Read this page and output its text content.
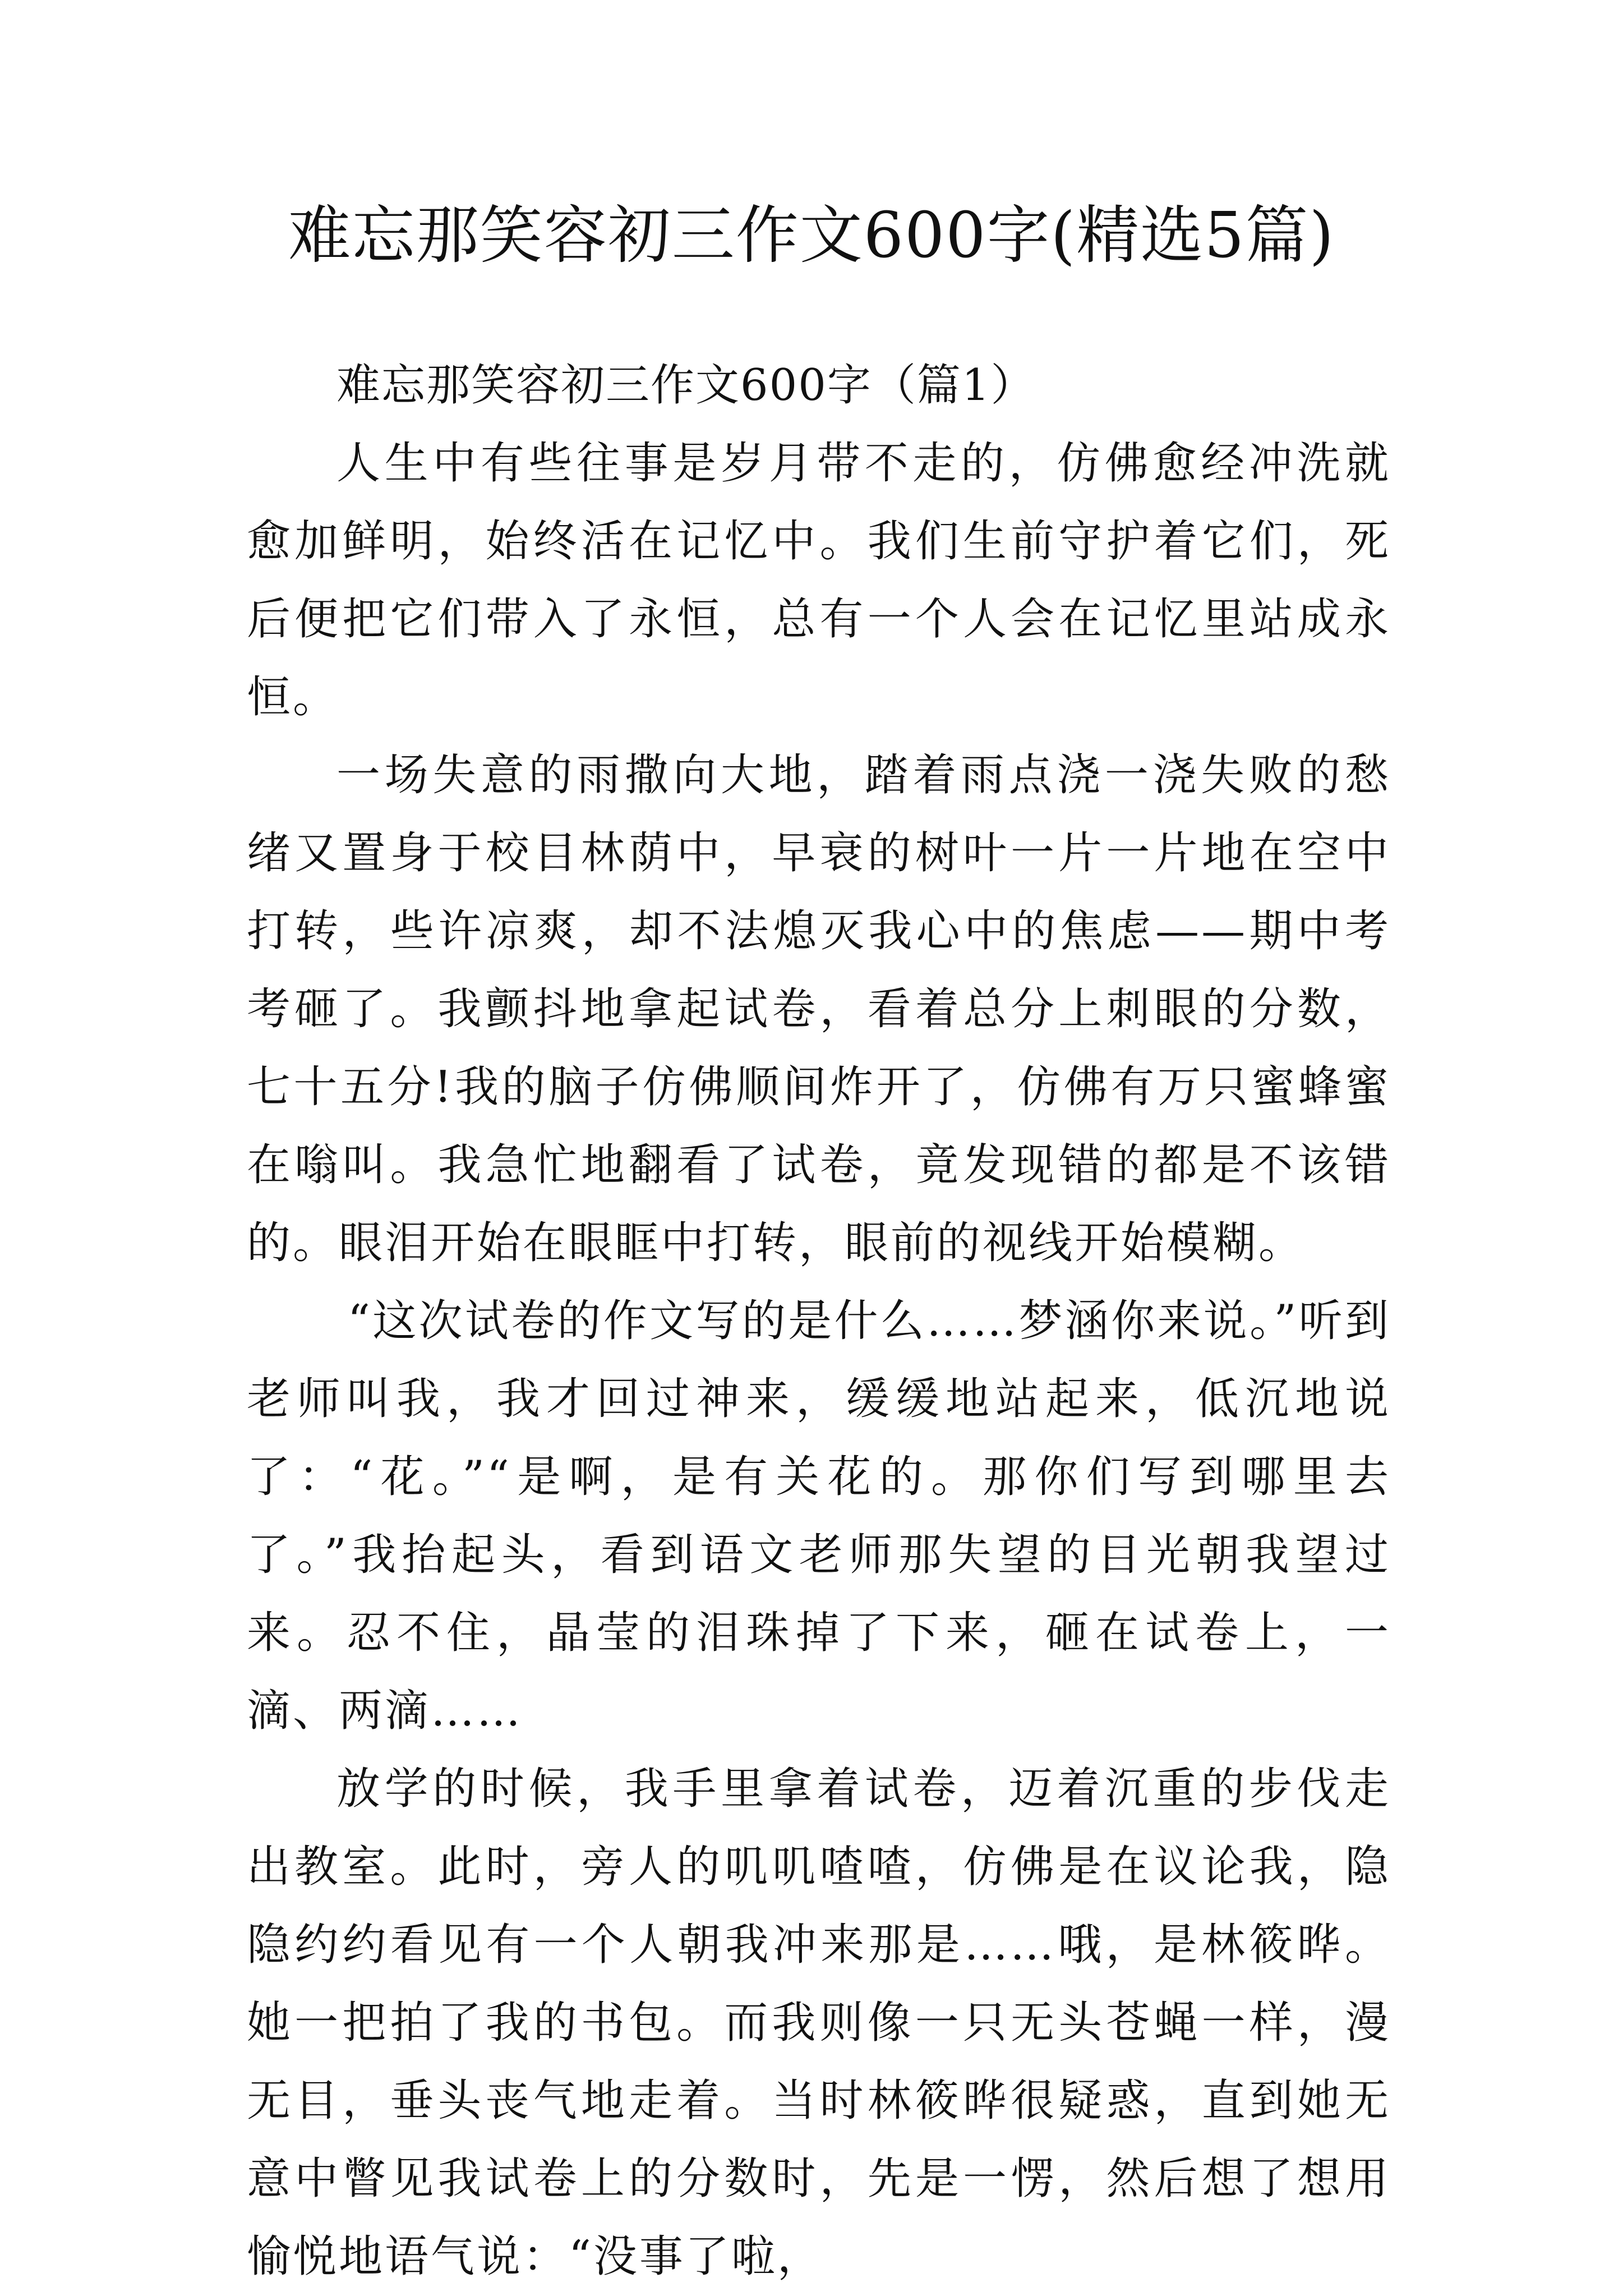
难忘那笑容初三作文600字(精选5篇)

难忘那笑容初三作文600字（篇1）

人生中有些往事是岁月带不走的，仿佛愈经冲洗就愈加鲜明，始终活在记忆中。我们生前守护着它们，死后便把它们带入了永恒，总有一个人会在记忆里站成永恒。

一场失意的雨撒向大地，踏着雨点浇一浇失败的愁绪又置身于校目林荫中，早衰的树叶一片一片地在空中打转，些许凉爽，却不法熄灭我心中的焦虑——期中考考砸了。我颤抖地拿起试卷，看着总分上刺眼的分数，七十五分!我的脑子仿佛顺间炸开了，仿佛有万只蜜蜂蜜在嗡叫。我急忙地翻看了试卷，竟发现错的都是不该错的。眼泪开始在眼眶中打转，眼前的视线开始模糊。

“这次试卷的作文写的是什么……梦涵你来说。”听到老师叫我，我才回过神来，缓缓地站起来，低沉地说了：“花。”“是啊，是有关花的。那你们写到哪里去了。”我抬起头，看到语文老师那失望的目光朝我望过来。忍不住，晶莹的泪珠掉了下来，砸在试卷上，一滴、两滴……

放学的时候，我手里拿着试卷，迈着沉重的步伐走出教室。此时，旁人的叽叽喳喳，仿佛是在议论我，隐隐约约看见有一个人朝我冲来那是……哦，是林筱晔。她一把拍了我的书包。而我则像一只无头苍蝇一样，漫无目，垂头丧气地走着。当时林筱晔很疑惑，直到她无意中瞥见我试卷上的分数时，先是一愣，然后想了想用愉悦地语气说：“没事了啦，
